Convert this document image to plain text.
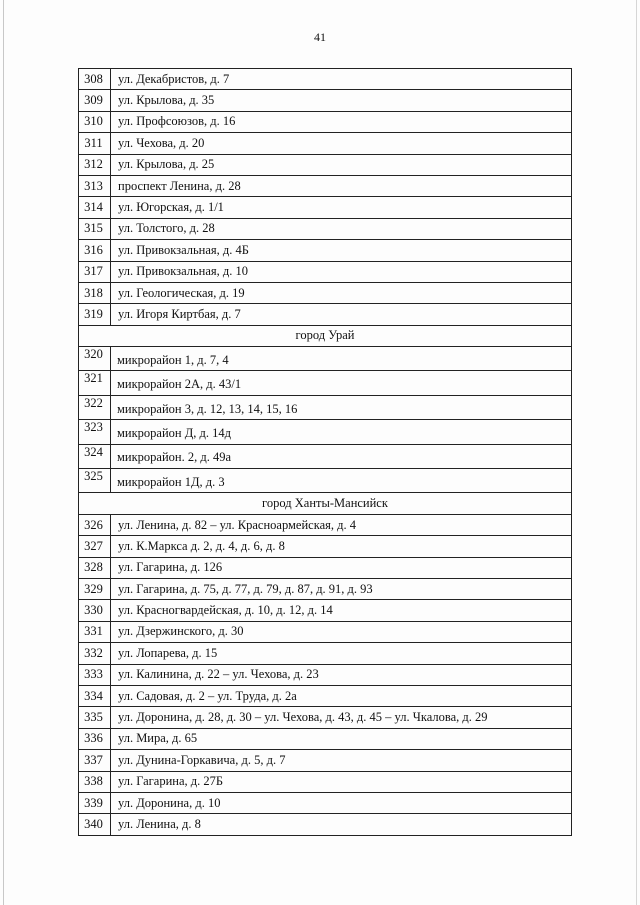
41
308	ул. Декабристов, д. 7
309	ул. Крылова, д. 35
310	ул. Профсоюзов, д. 16
311	ул. Чехова, д. 20
312	ул. Крылова, д. 25
313	проспект Ленина, д. 28
314	ул. Югорская, д. 1/1
315	ул. Толстого, д. 28
316	ул. Привокзальная, д. 4Б
317	ул. Привокзальная, д. 10
318	ул. Геологическая, д. 19
319	ул. Игоря Киртбая, д. 7
город Урай	
320	микрорайон 1, д. 7, 4
321	микрорайон 2А, д. 43/1
322	микрорайон 3, д. 12, 13, 14, 15, 16
323	микрорайон Д, д. 14д
324	микрорайон. 2, д. 49а
325	микрорайон 1Д, д. 3
город Ханты-Мансийск	
326	ул. Ленина, д. 82 – ул. Красноармейская, д. 4
327	ул. К.Маркса д. 2, д. 4, д. 6, д. 8
328	ул. Гагарина, д. 126
329	ул. Гагарина, д. 75, д. 77, д. 79, д. 87, д. 91, д. 93
330	ул. Красногвардейская, д. 10, д. 12, д. 14
331	ул. Дзержинского, д. 30
332	ул. Лопарева, д. 15
333	ул. Калинина, д. 22 – ул. Чехова, д. 23
334	ул. Садовая, д. 2 – ул. Труда, д. 2а
335	ул. Доронина, д. 28, д. 30 – ул. Чехова, д. 43, д. 45 – ул. Чкалова, д. 29
336	ул. Мира, д. 65
337	ул. Дунина-Горкавича, д. 5, д. 7
338	ул. Гагарина, д. 27Б
339	ул. Доронина, д. 10
340	ул. Ленина, д. 8
